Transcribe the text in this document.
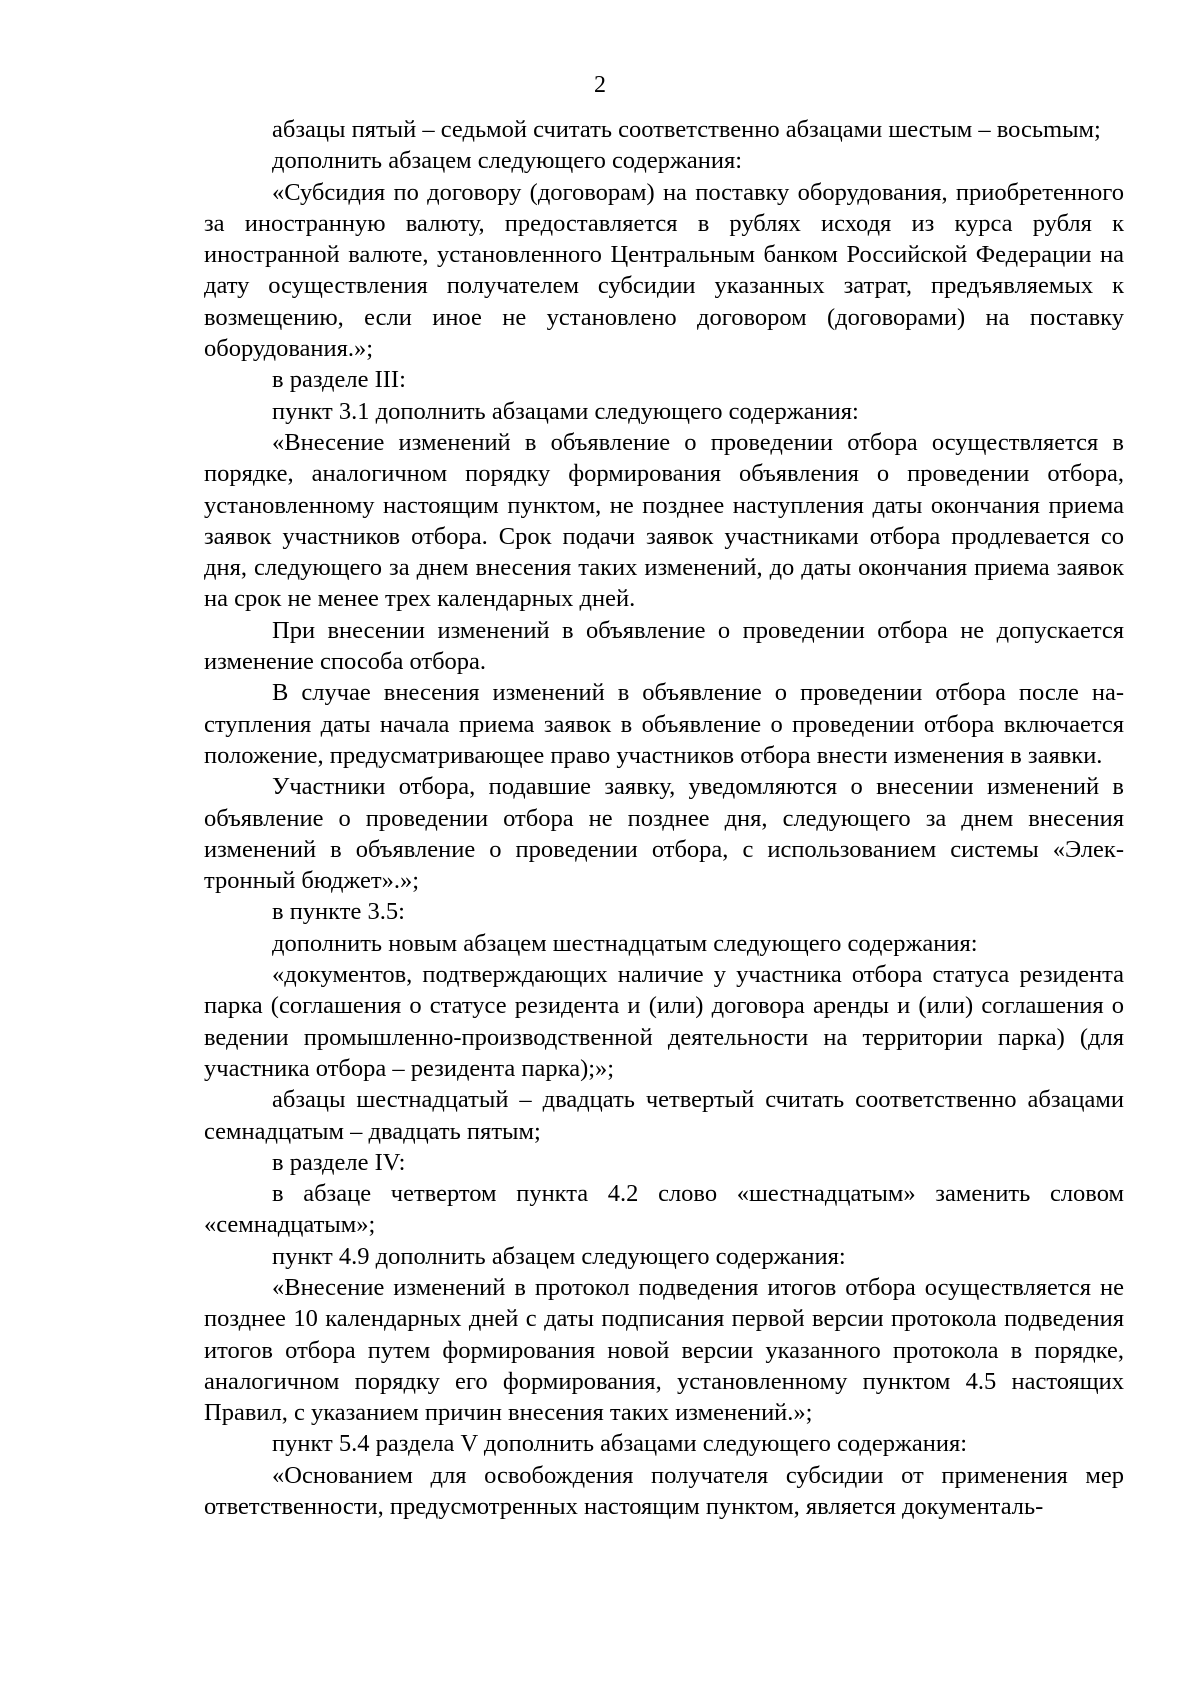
2

абзацы пятый – седьмой считать соответственно абзацами шестым – восьmым;

дополнить абзацем следующего содержания:

«Субсидия по договору (договорам) на поставку оборудования, приобретенного за иностранную валюту, предоставляется в рублях исходя из курса рубля к иностранной валюте, установленного Центральным банком Российской Федерации на дату осуществления получателем субсидии указанных затрат, предъявляемых к возмещению, если иное не установлено договором (договорами) на поставку оборудования.»;

в разделе III:

пункт 3.1 дополнить абзацами следующего содержания:

«Внесение изменений в объявление о проведении отбора осуществляется в порядке, аналогичном порядку формирования объявления о проведении отбора, установленному настоящим пунктом, не позднее наступления даты окончания приема заявок участников отбора. Срок подачи заявок участниками отбора продлевается со дня, следующего за днем внесения таких изменений, до даты окончания приема заявок на срок не менее трех календарных дней.

При внесении изменений в объявление о проведении отбора не допускается изменение способа отбора.

В случае внесения изменений в объявление о проведении отбора после наступления даты начала приема заявок в объявление о проведении отбора включается положение, предусматривающее право участников отбора внести изменения в заявки.

Участники отбора, подавшие заявку, уведомляются о внесении изменений в объявление о проведении отбора не позднее дня, следующего за днем внесения изменений в объявление о проведении отбора, с использованием системы «Электронный бюджет».»;

в пункте 3.5:

дополнить новым абзацем шестнадцатым следующего содержания:

«документов, подтверждающих наличие у участника отбора статуса резидента парка (соглашения о статусе резидента и (или) договора аренды и (или) соглашения о ведении промышленно-производственной деятельности на территории парка) (для участника отбора – резидента парка);»;

абзацы шестнадцатый – двадцать четвертый считать соответственно абзацами семнадцатым – двадцать пятым;

в разделе IV:

в абзаце четвертом пункта 4.2 слово «шестнадцатым» заменить словом «семнадцатым»;

пункт 4.9 дополнить абзацем следующего содержания:

«Внесение изменений в протокол подведения итогов отбора осуществляется не позднее 10 календарных дней с даты подписания первой версии протокола подведения итогов отбора путем формирования новой версии указанного протокола в порядке, аналогичном порядку его формирования, установленному пунктом 4.5 настоящих Правил, с указанием причин внесения таких изменений.»;

пункт 5.4 раздела V дополнить абзацами следующего содержания:

«Основанием для освобождения получателя субсидии от применения мер ответственности, предусмотренных настоящим пунктом, является документаль-
